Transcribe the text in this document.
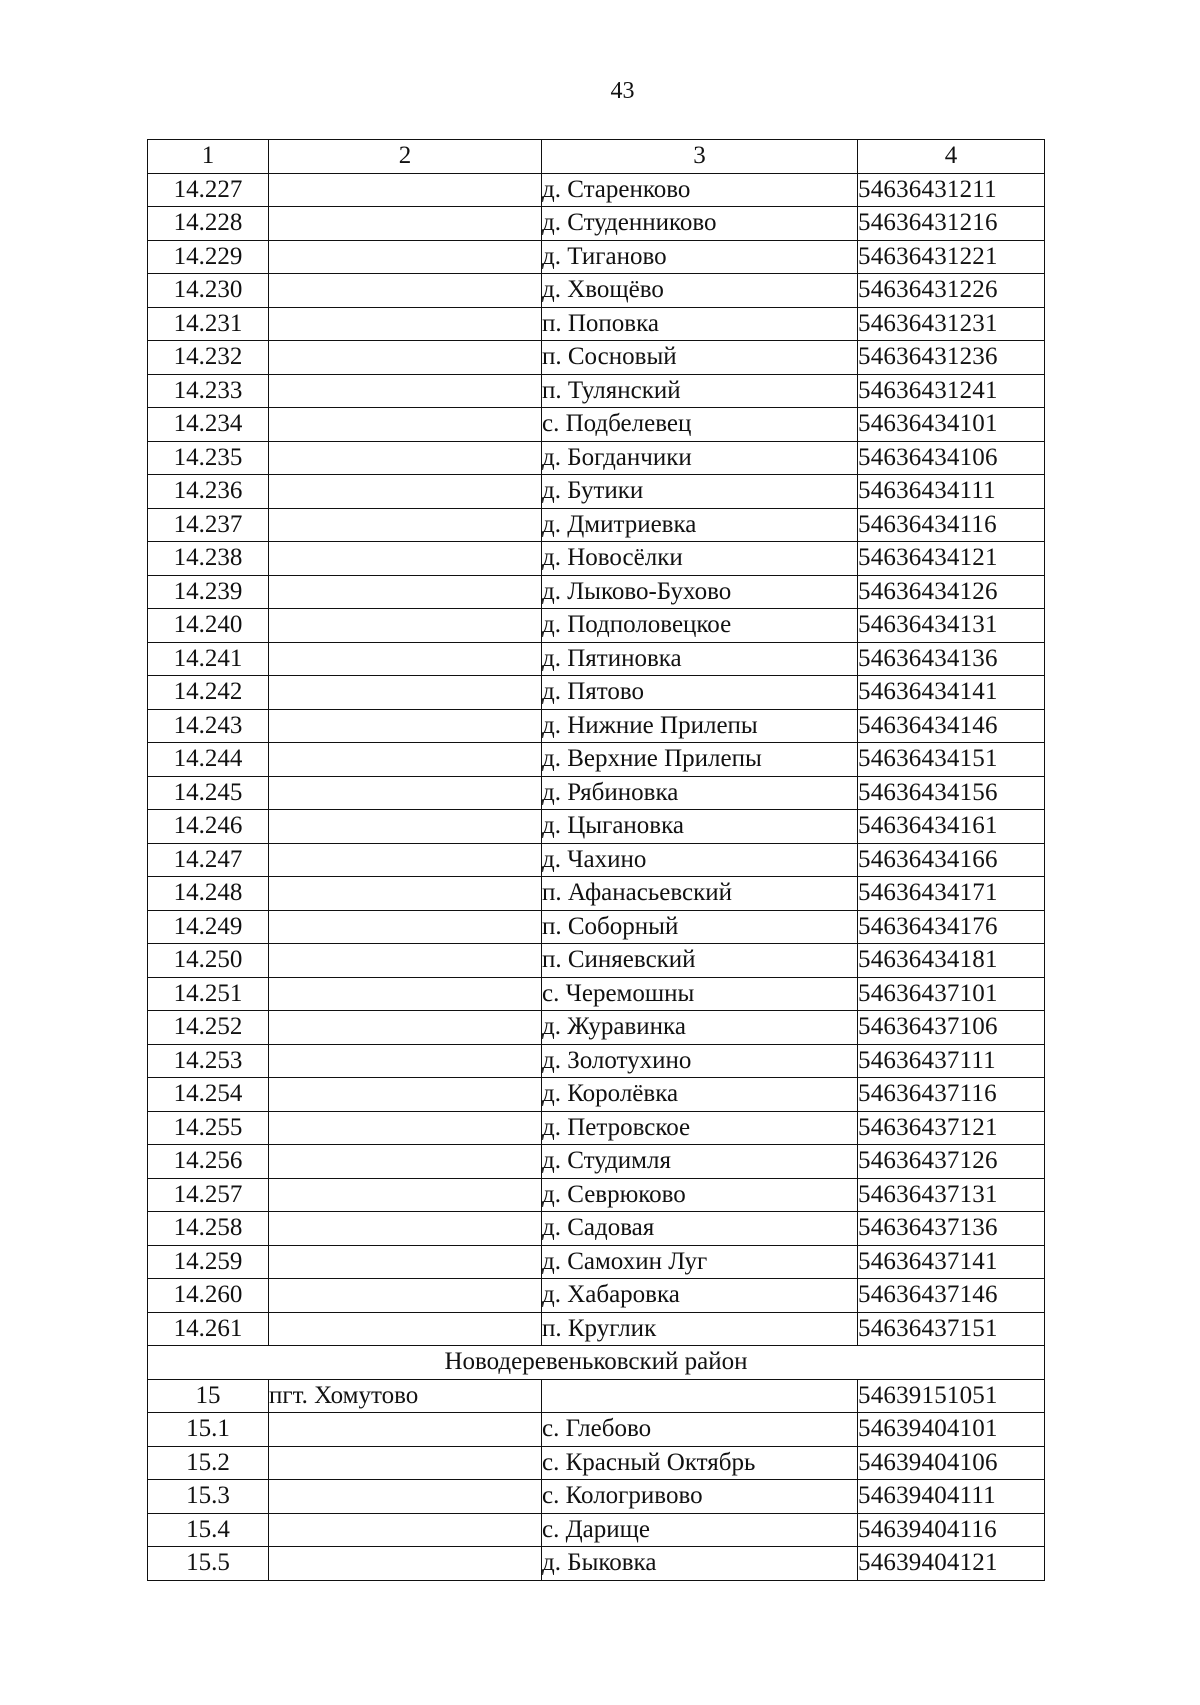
43
1	2	3	4
14.227		д. Старенково	54636431211
14.228		д. Студенниково	54636431216
14.229		д. Тиганово	54636431221
14.230		д. Хвощёво	54636431226
14.231		п. Поповка	54636431231
14.232		п. Сосновый	54636431236
14.233		п. Тулянский	54636431241
14.234		с. Подбелевец	54636434101
14.235		д. Богданчики	54636434106
14.236		д. Бутики	54636434111
14.237		д. Дмитриевка	54636434116
14.238		д. Новосёлки	54636434121
14.239		д. Лыково-Бухово	54636434126
14.240		д. Подполовецкое	54636434131
14.241		д. Пятиновка	54636434136
14.242		д. Пятово	54636434141
14.243		д. Нижние Прилепы	54636434146
14.244		д. Верхние Прилепы	54636434151
14.245		д. Рябиновка	54636434156
14.246		д. Цыгановка	54636434161
14.247		д. Чахино	54636434166
14.248		п. Афанасьевский	54636434171
14.249		п. Соборный	54636434176
14.250		п. Синяевский	54636434181
14.251		с. Черемошны	54636437101
14.252		д. Журавинка	54636437106
14.253		д. Золотухино	54636437111
14.254		д. Королёвка	54636437116
14.255		д. Петровское	54636437121
14.256		д. Студимля	54636437126
14.257		д. Севрюково	54636437131
14.258		д. Садовая	54636437136
14.259		д. Самохин Луг	54636437141
14.260		д. Хабаровка	54636437146
14.261		п. Круглик	54636437151
Новодеревеньковский район			
15	пгт. Хомутово		54639151051
15.1		с. Глебово	54639404101
15.2		с. Красный Октябрь	54639404106
15.3		с. Кологривово	54639404111
15.4		с. Дарище	54639404116
15.5		д. Быковка	54639404121
